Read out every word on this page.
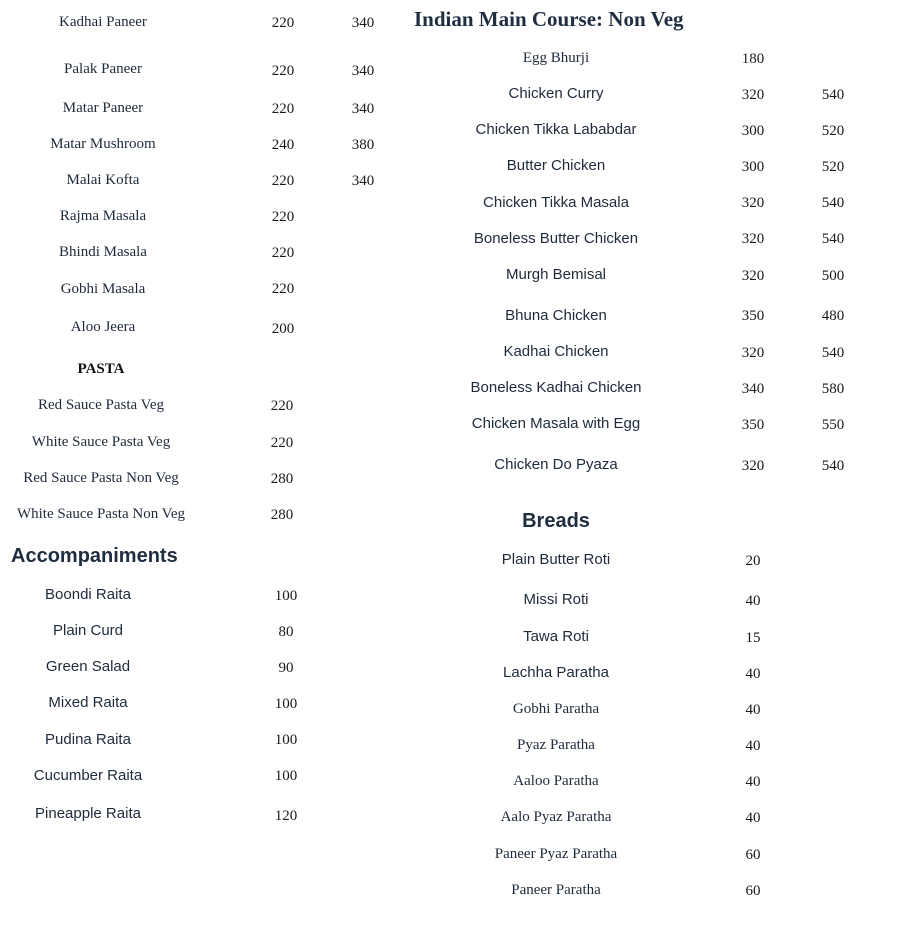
Kadhai Paneer	220	340
Palak Paneer	220	340
Matar Paneer	220	340
Matar Mushroom	240	380
Malai Kofta	220	340
Rajma Masala	220
Bhindi Masala	220
Gobhi Masala	220
Aloo Jeera	200
PASTA
Red Sauce Pasta Veg	220
White Sauce Pasta Veg	220
Red Sauce Pasta Non Veg	280
White Sauce Pasta Non Veg	280
Accompaniments
Boondi Raita	100
Plain Curd	80
Green Salad	90
Mixed Raita	100
Pudina Raita	100
Cucumber Raita	100
Pineapple Raita	120
Indian Main Course: Non Veg
Egg Bhurji	180
Chicken Curry	320	540
Chicken Tikka Lababdar	300	520
Butter Chicken	300	520
Chicken Tikka Masala	320	540
Boneless Butter Chicken	320	540
Murgh Bemisal	320	500
Bhuna Chicken	350	480
Kadhai Chicken	320	540
Boneless Kadhai Chicken	340	580
Chicken Masala with Egg	350	550
Chicken Do Pyaza	320	540
Breads
Plain Butter Roti	20
Missi Roti	40
Tawa Roti	15
Lachha Paratha	40
Gobhi Paratha	40
Pyaz Paratha	40
Aaloo Paratha	40
Aalo Pyaz Paratha	40
Paneer Pyaz Paratha	60
Paneer Paratha	60
